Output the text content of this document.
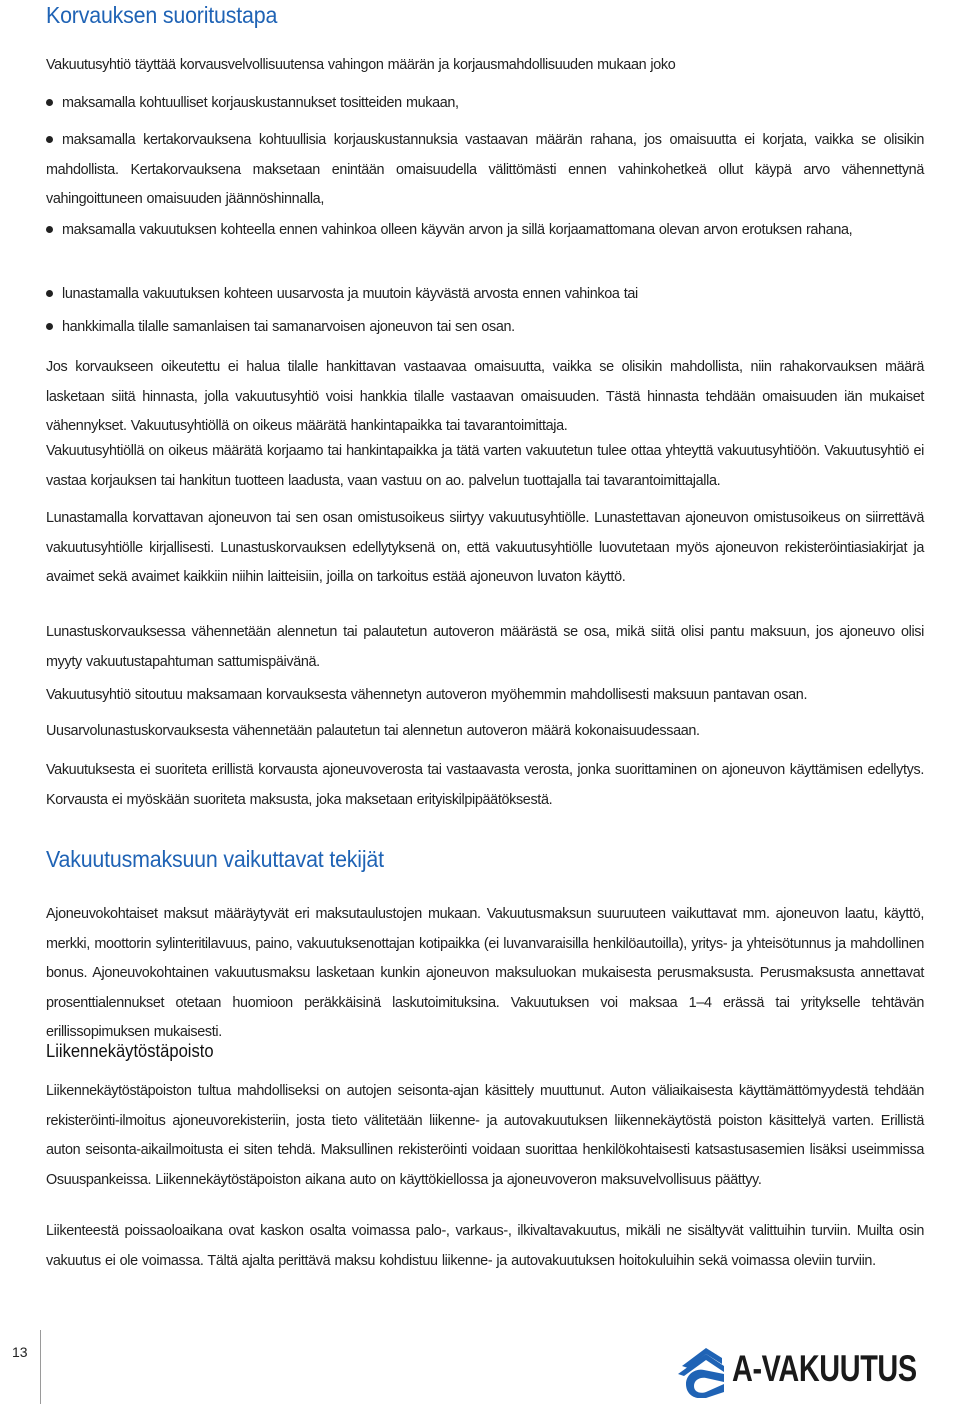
Korvauksen suoritustapa

Vakuutusyhtiö täyttää korvausvelvollisuutensa vahingon määrän ja korjausmahdollisuuden mukaan joko

maksamalla kohtuulliset korjauskustannukset tositteiden mukaan,
maksamalla kertakorvauksena kohtuullisia korjauskustannuksia vastaavan määrän rahana, jos omaisuutta ei korjata, vaikka se olisikin mahdollista. Kertakorvauksena maksetaan enintään omaisuudella välittömästi ennen vahinkohetkeä ollut käypä arvo vähennettynä vahingoittuneen omaisuuden jäännöshinnalla,
maksamalla vakuutuksen kohteella ennen vahinkoa olleen käyvän arvon ja sillä korjaamattomana olevan arvon erotuksen rahana,
lunastamalla vakuutuksen kohteen uusarvosta ja muutoin käyvästä arvosta ennen vahinkoa tai
hankkimalla tilalle samanlaisen tai samanarvoisen ajoneuvon tai sen osan.

Jos korvaukseen oikeutettu ei halua tilalle hankittavan vastaavaa omaisuutta, vaikka se olisikin mahdollista, niin rahakorvauksen määrä lasketaan siitä hinnasta, jolla vakuutusyhtiö voisi hankkia tilalle vastaavan omaisuuden. Tästä hinnasta tehdään omaisuuden iän mukaiset vähennykset. Vakuutusyhtiöllä on oikeus määrätä hankintapaikka tai tavarantoimittaja.

Vakuutusyhtiöllä on oikeus määrätä korjaamo tai hankintapaikka ja tätä varten vakuutetun tulee ottaa yhteyttä vakuutusyhtiöön. Vakuutusyhtiö ei vastaa korjauksen tai hankitun tuotteen laadusta, vaan vastuu on ao. palvelun tuottajalla tai tavarantoimittajalla.

Lunastamalla korvattavan ajoneuvon tai sen osan omistusoikeus siirtyy vakuutusyhtiölle. Lunastettavan ajoneuvon omistusoikeus on siirrettävä vakuutusyhtiölle kirjallisesti. Lunastuskorvauksen edellytyksenä on, että vakuutusyhtiölle luovutetaan myös ajoneuvon rekisteröintiasiakirjat ja avaimet sekä avaimet kaikkiin niihin laitteisiin, joilla on tarkoitus estää ajoneuvon luvaton käyttö.

Lunastuskorvauksessa vähennetään alennetun tai palautetun autoveron määrästä se osa, mikä siitä olisi pantu maksuun, jos ajoneuvo olisi myyty vakuutustapahtuman sattumispäivänä.

Vakuutusyhtiö sitoutuu maksamaan korvauksesta vähennetyn autoveron myöhemmin mahdollisesti maksuun pantavan osan.

Uusarvolunastuskorvauksesta vähennetään palautetun tai alennetun autoveron määrä kokonaisuudessaan.

Vakuutuksesta ei suoriteta erillistä korvausta ajoneuvoverosta tai vastaavasta verosta, jonka suorittaminen on ajoneuvon käyttämisen edellytys. Korvausta ei myöskään suoriteta maksusta, joka maksetaan erityiskilpipäätöksestä.

Vakuutusmaksuun vaikuttavat tekijät

Ajoneuvokohtaiset maksut määräytyvät eri maksutaulustojen mukaan. Vakuutusmaksun suuruuteen vaikuttavat mm. ajoneuvon laatu, käyttö, merkki, moottorin sylinteritilavuus, paino, vakuutuksenottajan kotipaikka (ei luvanvaraisilla henkilöautoilla), yritys- ja yhteisötunnus ja mahdollinen bonus. Ajoneuvokohtainen vakuutusmaksu lasketaan kunkin ajoneuvon maksuluokan mukaisesta perusmaksusta. Perusmaksusta annettavat prosenttialennukset otetaan huomioon peräkkäisinä laskutoimituksina. Vakuutuksen voi maksaa 1–4 erässä tai yritykselle tehtävän erillissopimuksen mukaisesti.

Liikennekäytöstäpoisto

Liikennekäytöstäpoiston tultua mahdolliseksi on autojen seisonta-ajan käsittely muuttunut. Auton väliaikaisesta käyttämättömyydestä tehdään rekisteröinti-ilmoitus ajoneuvorekisteriin, josta tieto välitetään liikenne- ja autovakuutuksen liikennekäytöstä poiston käsittelyä varten. Erillistä auton seisonta-aikailmoitusta ei siten tehdä. Maksullinen rekisteröinti voidaan suorittaa henkilökohtaisesti katsastusasemien lisäksi useimmissa Osuuspankeissa. Liikennekäytöstäpoiston aikana auto on käyttökiellossa ja ajoneuvoveron maksuvelvollisuus päättyy.

Liikenteestä poissaoloaikana ovat kaskon osalta voimassa palo-, varkaus-, ilkivaltavakuutus, mikäli ne sisältyvät valittuihin turviin. Muilta osin vakuutus ei ole voimassa. Tältä ajalta perittävä maksu kohdistuu liikenne- ja autovakuutuksen hoitokuluihin sekä voimassa oleviin turviin.

13	A-VAKUUTUS
